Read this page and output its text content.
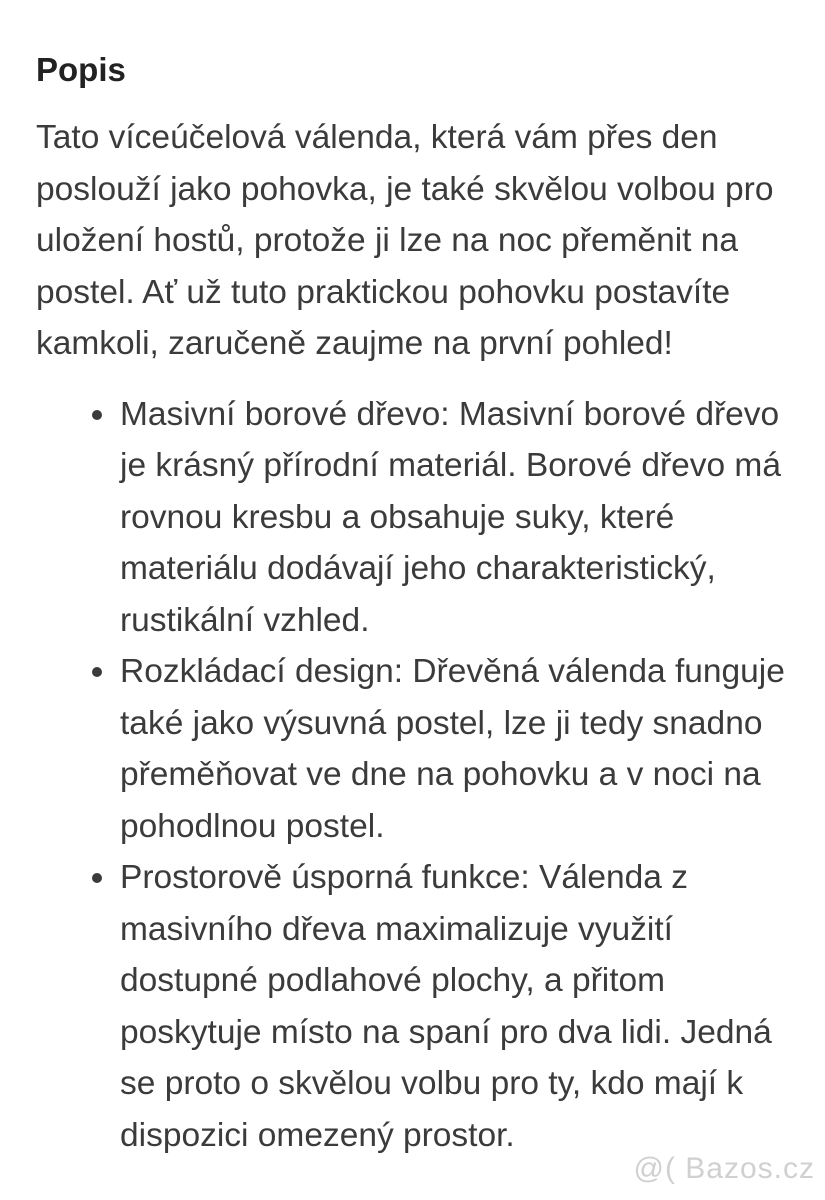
Popis

Tato víceúčelová válenda, která vám přes den poslouží jako pohovka, je také skvělou volbou pro uložení hostů, protože ji lze na noc přeměnit na postel. Ať už tuto praktickou pohovku postavíte kamkoli, zaručeně zaujme na první pohled!

Masivní borové dřevo: Masivní borové dřevo je krásný přírodní materiál. Borové dřevo má rovnou kresbu a obsahuje suky, které materiálu dodávají jeho charakteristický, rustikální vzhled.
Rozkládací design: Dřevěná válenda funguje také jako výsuvná postel, lze ji tedy snadno přeměňovat ve dne na pohovku a v noci na pohodlnou postel.
Prostorově úsporná funkce: Válenda z masivního dřeva maximalizuje využití dostupné podlahové plochy, a přitom poskytuje místo na spaní pro dva lidi. Jedná se proto o skvělou volbu pro ty, kdo mají k dispozici omezený prostor.
@( Bazos.cz
